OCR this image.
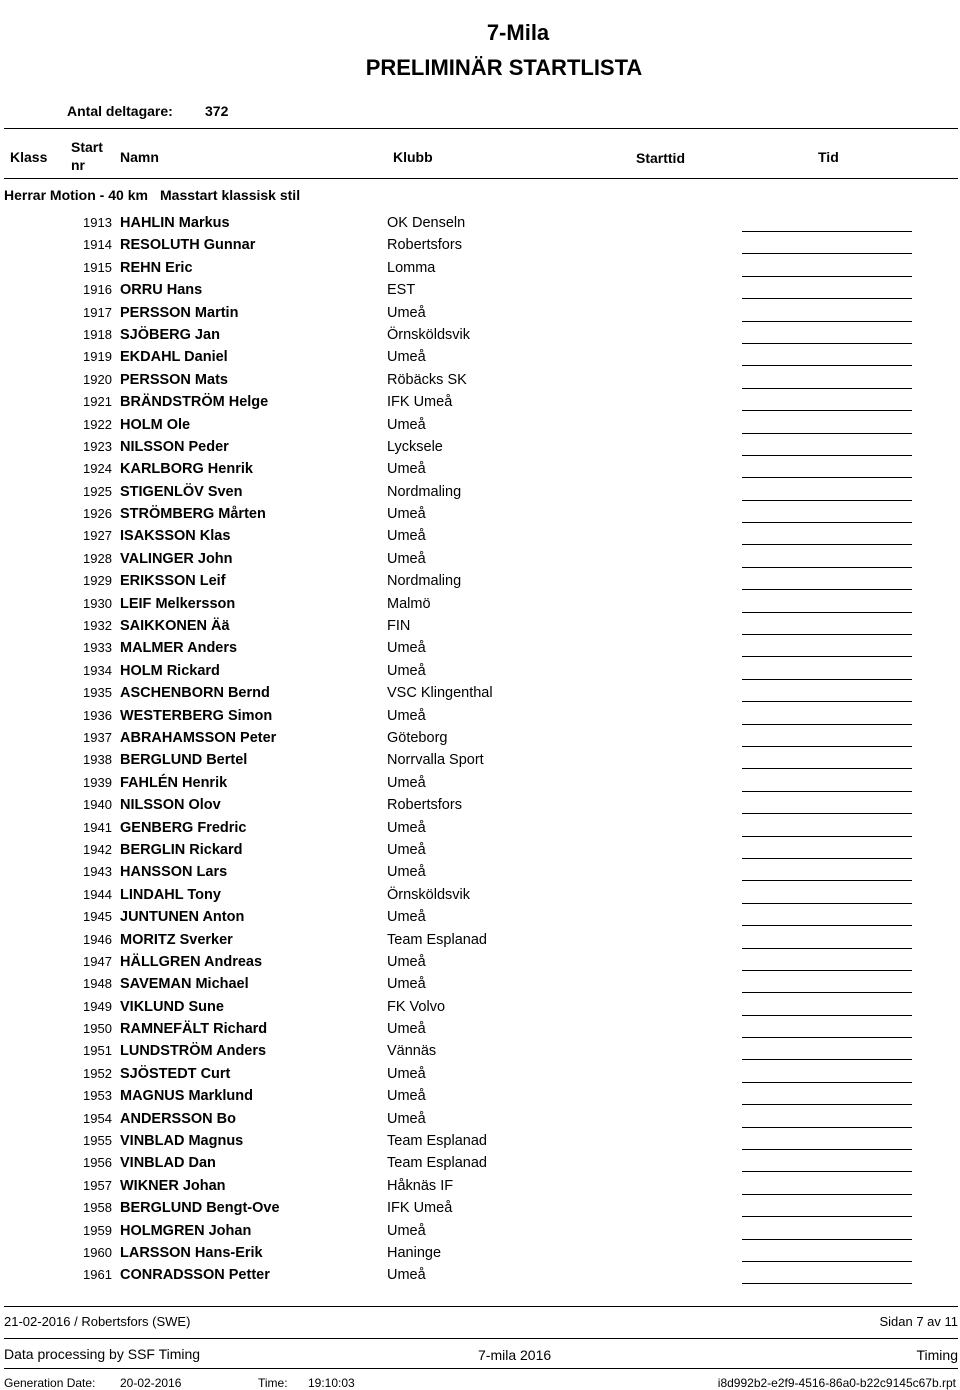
7-Mila
PRELIMINÄR STARTLISTA
Antal deltagare: 372
Klass
Start
nr	Namn	Klubb	Starttid	Tid
Herrar Motion - 40 km Masstart klassisk stil
1913 HAHLIN Markus	OK Denseln
1914 RESOLUTH Gunnar	Robertsfors
1915 REHN Eric	Lomma
1916 ORRU Hans	EST
1917 PERSSON Martin	Umeå
1918 SJÖBERG Jan	Örnsköldsvik
1919 EKDAHL Daniel	Umeå
1920 PERSSON Mats	Röbäcks SK
1921 BRÄNDSTRÖM Helge	IFK Umeå
1922 HOLM Ole	Umeå
1923 NILSSON Peder	Lycksele
1924 KARLBORG Henrik	Umeå
1925 STIGENLÖV Sven	Nordmaling
1926 STRÖMBERG Mårten	Umeå
1927 ISAKSSON Klas	Umeå
1928 VALINGER John	Umeå
1929 ERIKSSON Leif	Nordmaling
1930 LEIF Melkersson	Malmö
1932 SAIKKONEN Ää	FIN
1933 MALMER Anders	Umeå
1934 HOLM Rickard	Umeå
1935 ASCHENBORN Bernd	VSC Klingenthal
1936 WESTERBERG Simon	Umeå
1937 ABRAHAMSSON Peter	Göteborg
1938 BERGLUND Bertel	Norrvalla Sport
1939 FAHLÉN Henrik	Umeå
1940 NILSSON Olov	Robertsfors
1941 GENBERG Fredric	Umeå
1942 BERGLIN Rickard	Umeå
1943 HANSSON Lars	Umeå
1944 LINDAHL Tony	Örnsköldsvik
1945 JUNTUNEN Anton	Umeå
1946 MORITZ Sverker	Team Esplanad
1947 HÄLLGREN Andreas	Umeå
1948 SAVEMAN Michael	Umeå
1949 VIKLUND Sune	FK Volvo
1950 RAMNEFÄLT Richard	Umeå
1951 LUNDSTRÖM Anders	Vännäs
1952 SJÖSTEDT Curt	Umeå
1953 MAGNUS Marklund	Umeå
1954 ANDERSSON Bo	Umeå
1955 VINBLAD Magnus	Team Esplanad
1956 VINBLAD Dan	Team Esplanad
1957 WIKNER Johan	Håknäs IF
1958 BERGLUND Bengt-Ove	IFK Umeå
1959 HOLMGREN Johan	Umeå
1960 LARSSON Hans-Erik	Haninge
1961 CONRADSSON Petter	Umeå
21-02-2016 / Robertsfors (SWE)	Sidan 7 av 11
Data processing by SSF Timing	7-mila 2016	Timing
Generation Date: 20-02-2016	Time: 19:10:03	i8d992b2-e2f9-4516-86a0-b22c9145c67b.rpt
